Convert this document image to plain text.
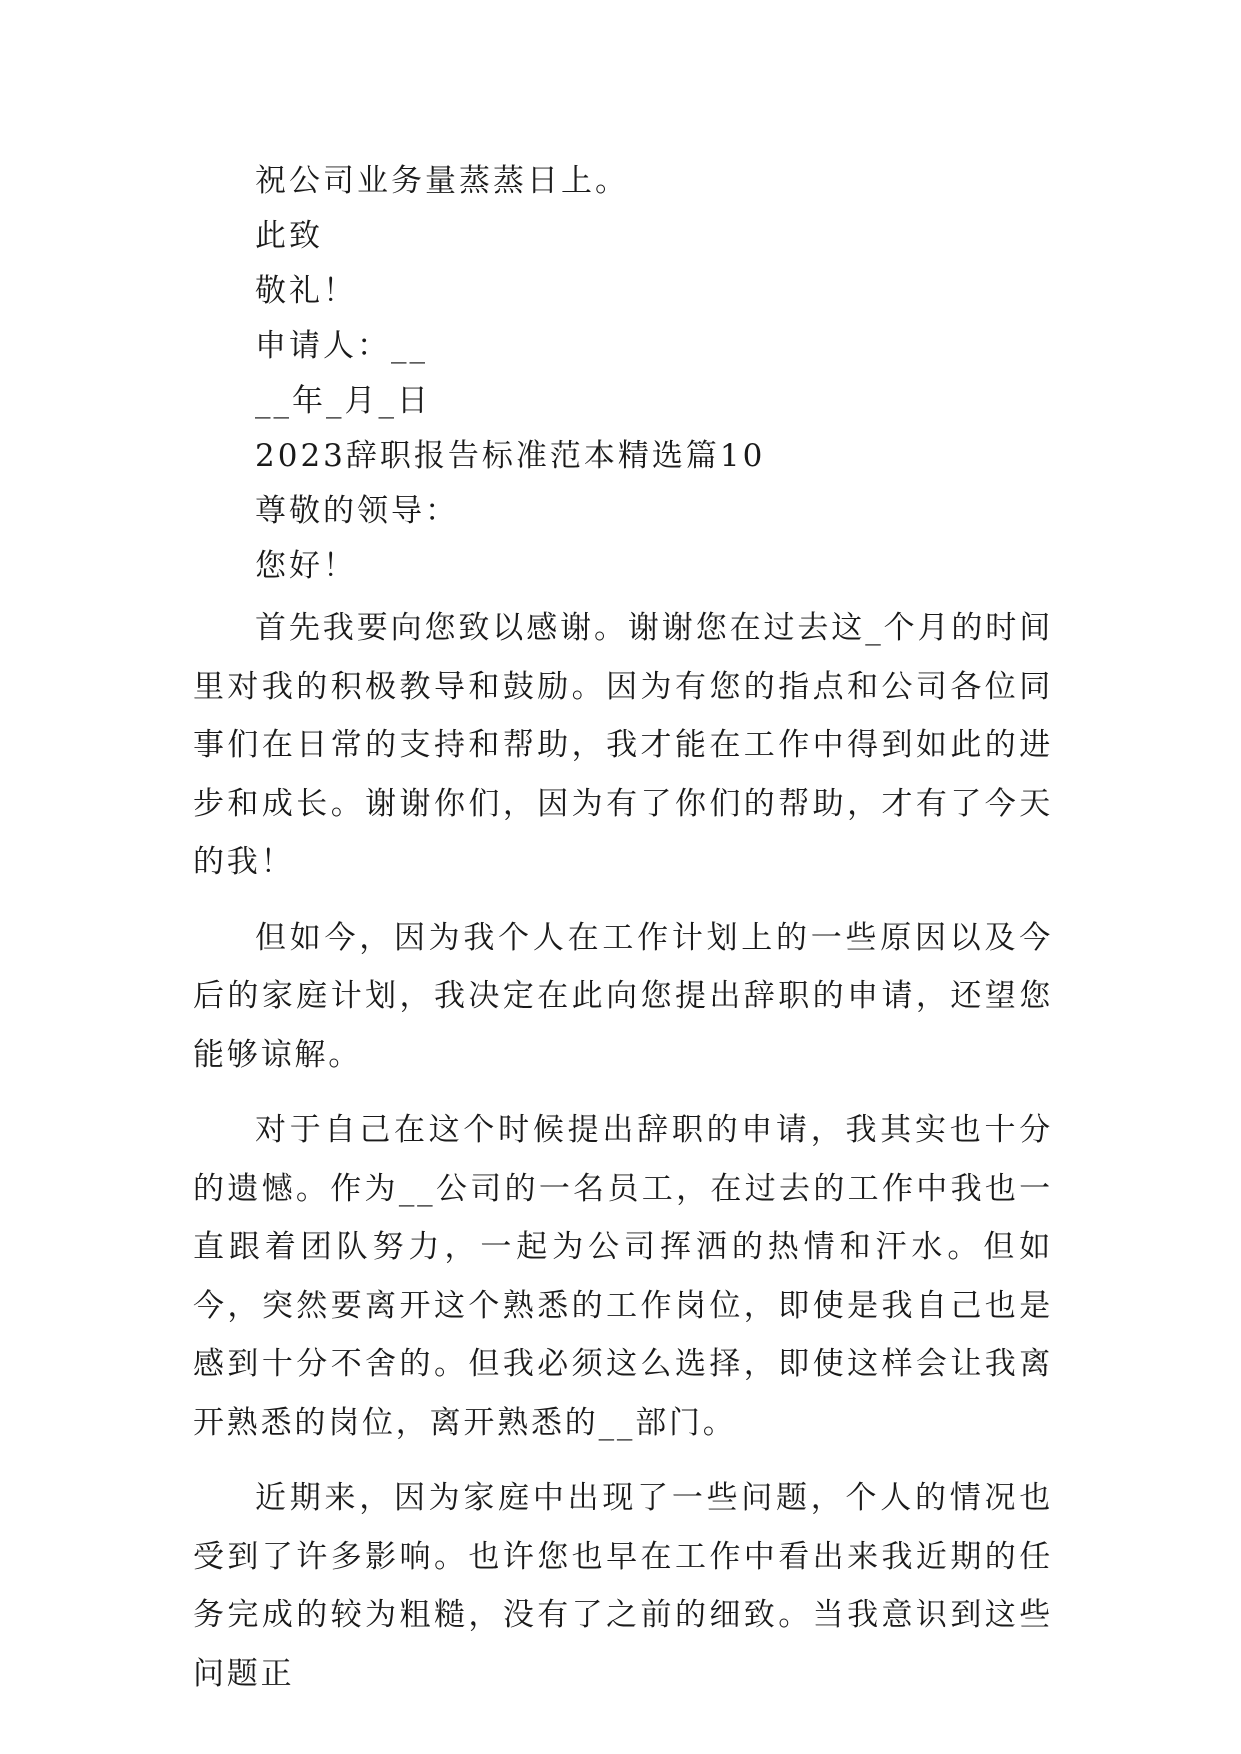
祝公司业务量蒸蒸日上。

此致

敬礼！

申请人：__

__年_月_日

2023辞职报告标准范本精选篇10

尊敬的领导：

您好！

首先我要向您致以感谢。谢谢您在过去这_个月的时间里对我的积极教导和鼓励。因为有您的指点和公司各位同事们在日常的支持和帮助，我才能在工作中得到如此的进步和成长。谢谢你们，因为有了你们的帮助，才有了今天的我！

但如今，因为我个人在工作计划上的一些原因以及今后的家庭计划，我决定在此向您提出辞职的申请，还望您能够谅解。

对于自己在这个时候提出辞职的申请，我其实也十分的遗憾。作为__公司的一名员工，在过去的工作中我也一直跟着团队努力，一起为公司挥洒的热情和汗水。但如今，突然要离开这个熟悉的工作岗位，即使是我自己也是感到十分不舍的。但我必须这么选择，即使这样会让我离开熟悉的岗位，离开熟悉的__部门。

近期来，因为家庭中出现了一些问题，个人的情况也受到了许多影响。也许您也早在工作中看出来我近期的任务完成的较为粗糙，没有了之前的细致。当我意识到这些问题正
